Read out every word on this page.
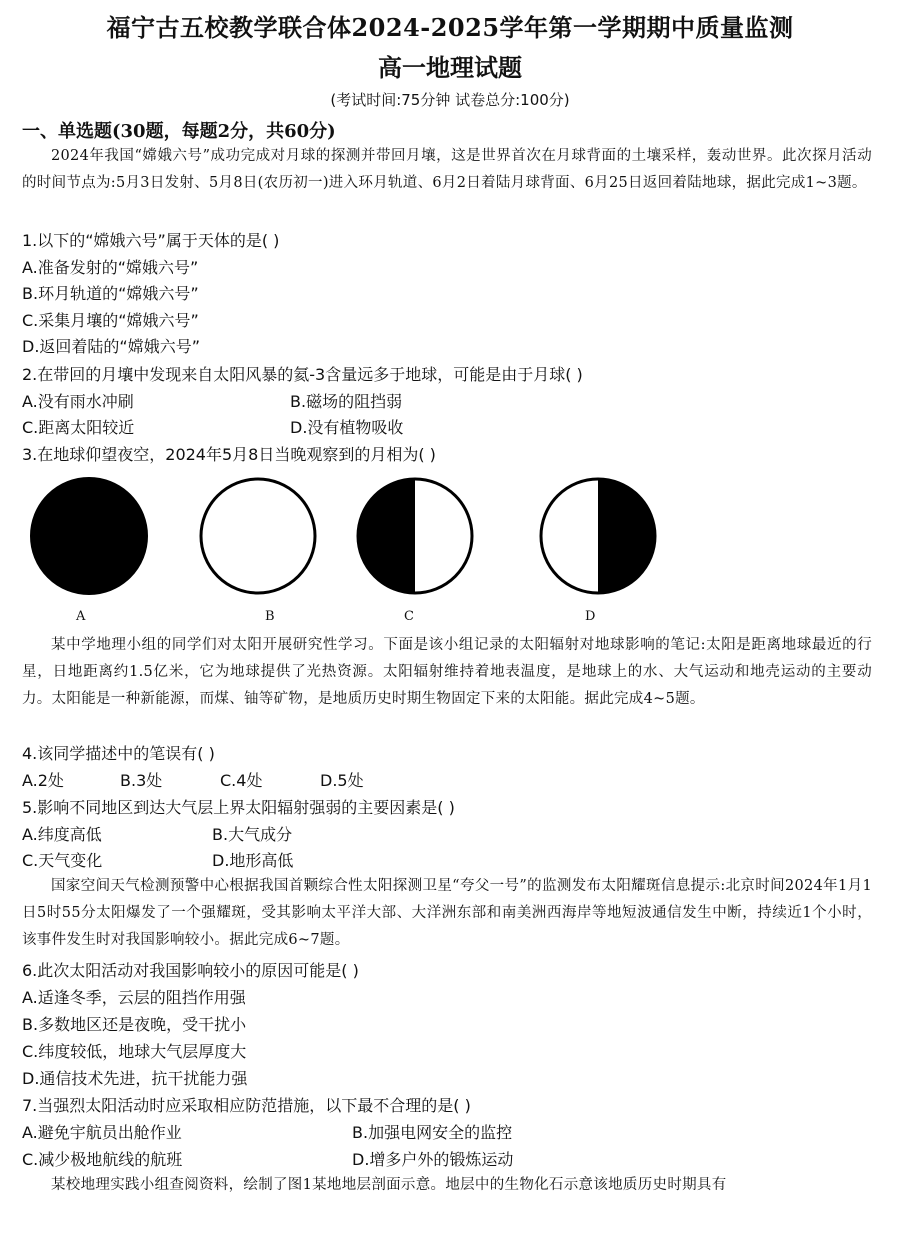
福宁古五校教学联合体2024-2025学年第一学期期中质量监测
高一地理试题
(考试时间:75分钟 试卷总分:100分)
一、单选题(30题，每题2分，共60分)
2024年我国“嫦娥六号”成功完成对月球的探测并带回月壤，这是世界首次在月球背面的土壤采样，轰动世界。此次探月活动的时间节点为:5月3日发射、5月8日(农历初一)进入环月轨道、6月2日着陆月球背面、6月25日返回着陆地球，据此完成1~3题。
1.以下的“嫦娥六号”属于天体的是( )
A.准备发射的“嫦娥六号”
B.环月轨道的“嫦娥六号”
C.采集月壤的“嫦娥六号”
D.返回着陆的“嫦娥六号”
2.在带回的月壤中发现来自太阳风暴的氦-3含量远多于地球，可能是由于月球( )
A.没有雨水冲刷	B.磁场的阻挡弱
C.距离太阳较近	D.没有植物吸收
3.在地球仰望夜空，2024年5月8日当晚观察到的月相为( )
A	B	C	D
某中学地理小组的同学们对太阳开展研究性学习。下面是该小组记录的太阳辐射对地球影响的笔记:太阳是距离地球最近的行星，日地距离约1.5亿米，它为地球提供了光热资源。太阳辐射维持着地表温度，是地球上的水、大气运动和地壳运动的主要动力。太阳能是一种新能源，而煤、铀等矿物，是地质历史时期生物固定下来的太阳能。据此完成4~5题。
4.该同学描述中的笔误有( )
A.2处	B.3处	C.4处	D.5处
5.影响不同地区到达大气层上界太阳辐射强弱的主要因素是( )
A.纬度高低	B.大气成分
C.天气变化	D.地形高低
国家空间天气检测预警中心根据我国首颗综合性太阳探测卫星“夸父一号”的监测发布太阳耀斑信息提示:北京时间2024年1月1日5时55分太阳爆发了一个强耀斑，受其影响太平洋大部、大洋洲东部和南美洲西海岸等地短波通信发生中断，持续近1个小时，该事件发生时对我国影响较小。据此完成6~7题。
6.此次太阳活动对我国影响较小的原因可能是( )
A.适逢冬季，云层的阻挡作用强
B.多数地区还是夜晚，受干扰小
C.纬度较低，地球大气层厚度大
D.通信技术先进，抗干扰能力强
7.当强烈太阳活动时应采取相应防范措施，以下最不合理的是( )
A.避免宇航员出舱作业	B.加强电网安全的监控
C.减少极地航线的航班	D.增多户外的锻炼运动
某校地理实践小组查阅资料，绘制了图1某地地层剖面示意。地层中的生物化石示意该地质历史时期具有
